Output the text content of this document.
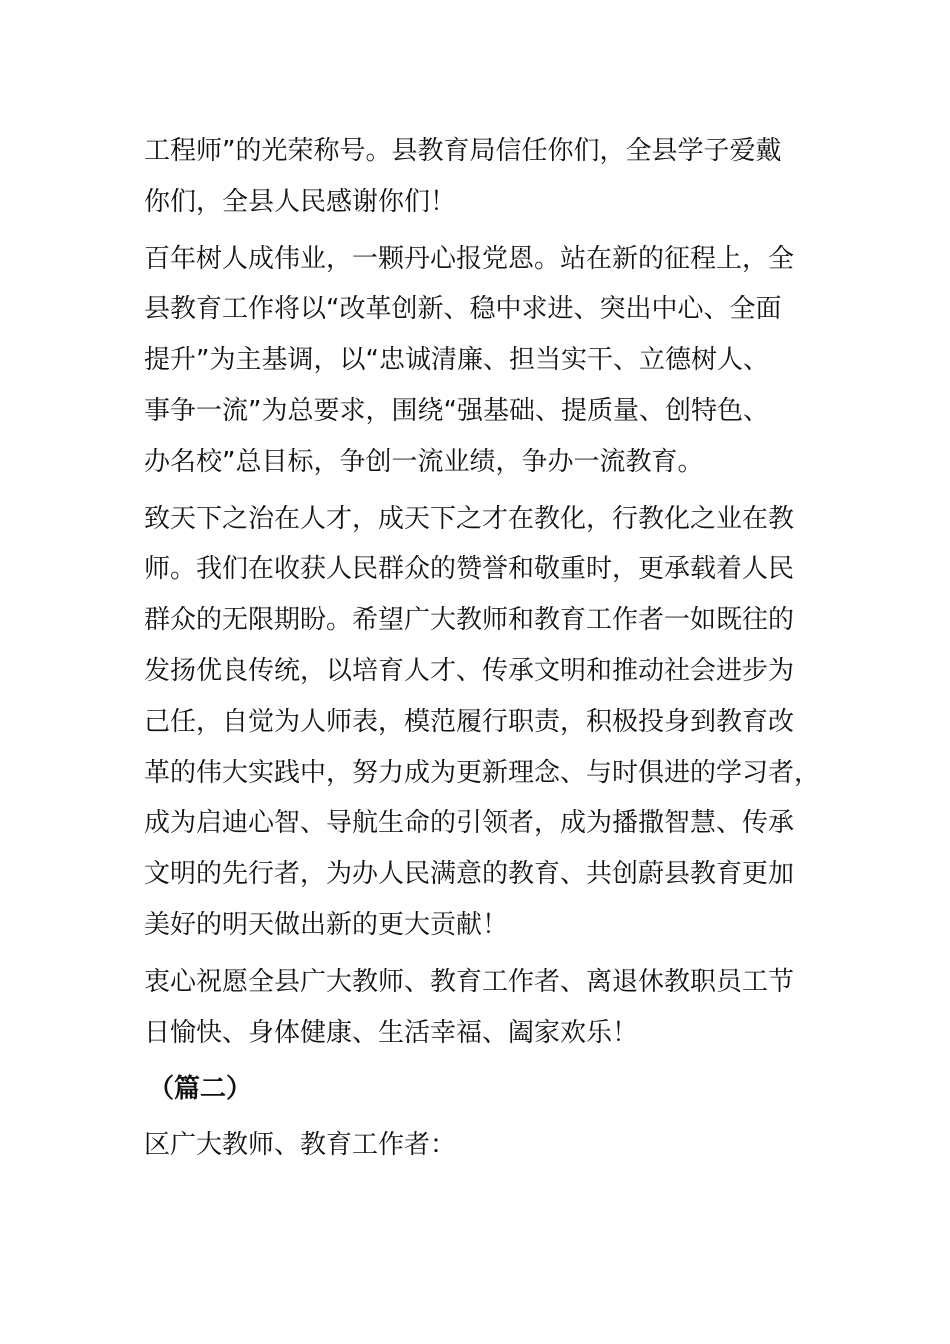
工程师”的光荣称号。县教育局信任你们，全县学子爱戴
你们，全县人民感谢你们！

百年树人成伟业，一颗丹心报党恩。站在新的征程上，全
县教育工作将以“改革创新、稳中求进、突出中心、全面
提升”为主基调，以“忠诚清廉、担当实干、立德树人、
事争一流”为总要求，围绕“强基础、提质量、创特色、
办名校”总目标，争创一流业绩，争办一流教育。

致天下之治在人才，成天下之才在教化，行教化之业在教
师。我们在收获人民群众的赞誉和敬重时，更承载着人民
群众的无限期盼。希望广大教师和教育工作者一如既往的
发扬优良传统，以培育人才、传承文明和推动社会进步为
己任，自觉为人师表，模范履行职责，积极投身到教育改
革的伟大实践中，努力成为更新理念、与时俱进的学习者，
成为启迪心智、导航生命的引领者，成为播撒智慧、传承
文明的先行者，为办人民满意的教育、共创蔚县教育更加
美好的明天做出新的更大贡献！

衷心祝愿全县广大教师、教育工作者、离退休教职员工节
日愉快、身体健康、生活幸福、阖家欢乐！

（篇二）

区广大教师、教育工作者：
